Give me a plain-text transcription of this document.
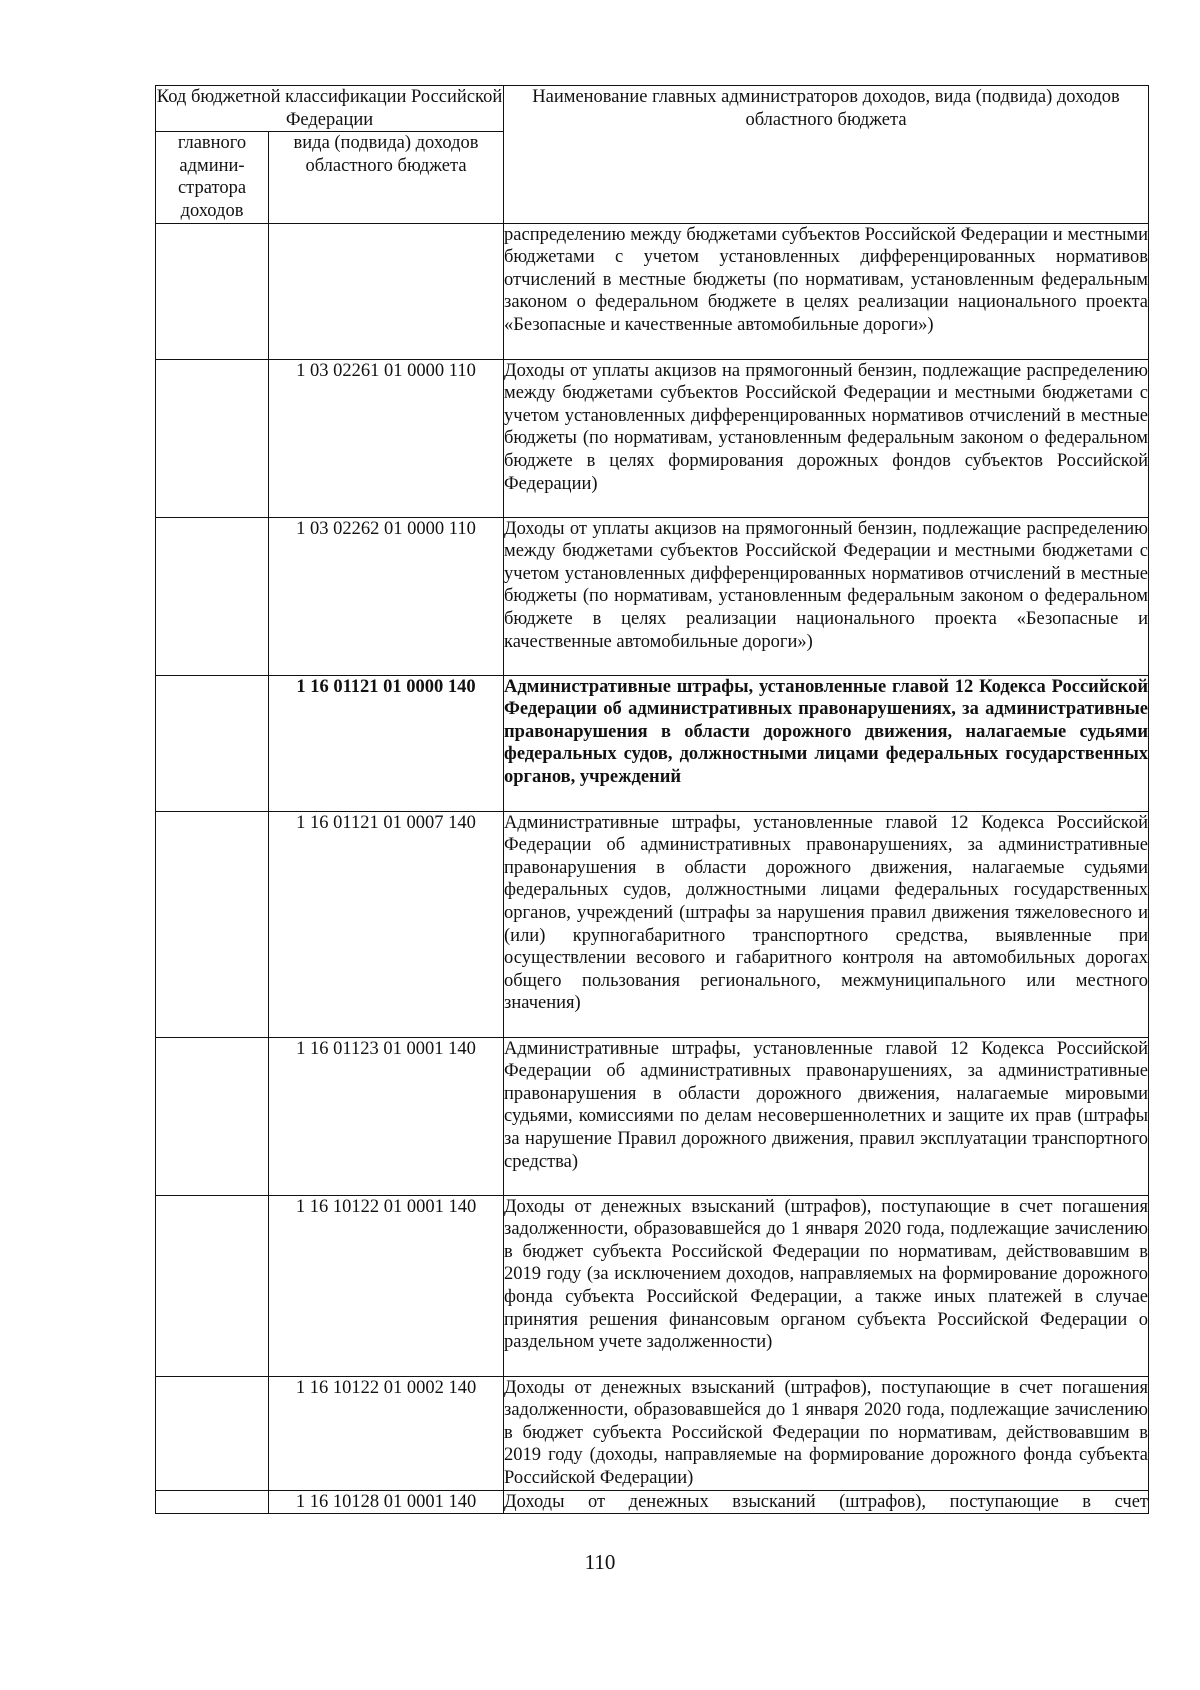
Код бюджетной классификации Российской Федерации		Наименование главных администраторов доходов, вида (подвида) доходов областного бюджета
главного админи-стратора доходов	вида (подвида) доходов областного бюджета	
		распределению между бюджетами субъектов Российской Федерации и местными бюджетами с учетом установленных дифференцированных нормативов отчислений в местные бюджеты (по нормативам, установленным федеральным законом о федеральном бюджете в целях реализации национального проекта «Безопасные и качественные автомобильные дороги»)
	1 03 02261 01 0000 110	Доходы от уплаты акцизов на прямогонный бензин, подлежащие распределению между бюджетами субъектов Российской Федерации и местными бюджетами с учетом установленных дифференцированных нормативов отчислений в местные бюджеты (по нормативам, установленным федеральным законом о федеральном бюджете в целях формирования дорожных фондов субъектов Российской Федерации)
	1 03 02262 01 0000 110	Доходы от уплаты акцизов на прямогонный бензин, подлежащие распределению между бюджетами субъектов Российской Федерации и местными бюджетами с учетом установленных дифференцированных нормативов отчислений в местные бюджеты (по нормативам, установленным федеральным законом о федеральном бюджете в целях реализации национального проекта «Безопасные и качественные автомобильные дороги»)
	1 16 01121 01 0000 140	Административные штрафы, установленные главой 12 Кодекса Российской Федерации об административных правонарушениях, за административные правонарушения в области дорожного движения, налагаемые судьями федеральных судов, должностными лицами федеральных государственных органов, учреждений
	1 16 01121 01 0007 140	Административные штрафы, установленные главой 12 Кодекса Российской Федерации об административных правонарушениях, за административные правонарушения в области дорожного движения, налагаемые судьями федеральных судов, должностными лицами федеральных государственных органов, учреждений (штрафы за нарушения правил движения тяжеловесного и (или) крупногабаритного транспортного средства, выявленные при осуществлении весового и габаритного контроля на автомобильных дорогах общего пользования регионального, межмуниципального или местного значения)
	1 16 01123 01 0001 140	Административные штрафы, установленные главой 12 Кодекса Российской Федерации об административных правонарушениях, за административные правонарушения в области дорожного движения, налагаемые мировыми судьями, комиссиями по делам несовершеннолетних и защите их прав (штрафы за нарушение Правил дорожного движения, правил эксплуатации транспортного средства)
	1 16 10122 01 0001 140	Доходы от денежных взысканий (штрафов), поступающие в счет погашения задолженности, образовавшейся до 1 января 2020 года, подлежащие зачислению в бюджет субъекта Российской Федерации по нормативам, действовавшим в 2019 году (за исключением доходов, направляемых на формирование дорожного фонда субъекта Российской Федерации, а также иных платежей в случае принятия решения финансовым органом субъекта Российской Федерации о раздельном учете задолженности)
	1 16 10122 01 0002 140	Доходы от денежных взысканий (штрафов), поступающие в счет погашения задолженности, образовавшейся до 1 января 2020 года, подлежащие зачислению в бюджет субъекта Российской Федерации по нормативам, действовавшим в 2019 году (доходы, направляемые на формирование дорожного фонда субъекта Российской Федерации)
	1 16 10128 01 0001 140	Доходы от денежных взысканий (штрафов), поступающие в счет
110
